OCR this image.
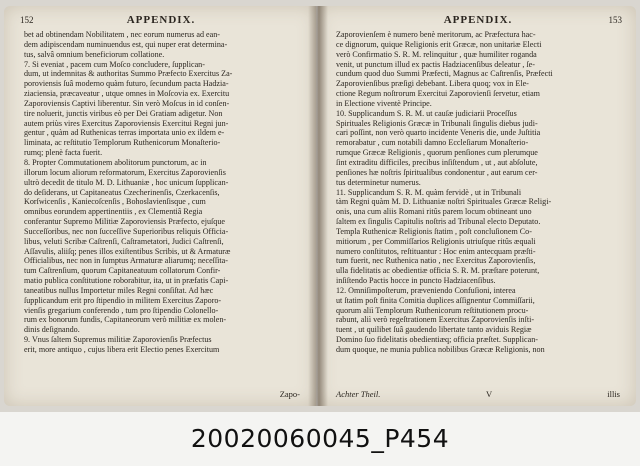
152	APPENDIX.
bet ad obtinendam Nobilitatem , nec eorum numerus ad ean-
dem adipiscendam numinuendus est, qui nuper erat determina-
tus, salvâ omnium beneficiorum collatione.
7. Si eveniat , pacem cum Moſco concludere, ſupplican-
dum, ut indemnitas & authoritas Summo Præfecto Exercitus Za-
poroviensis ſuâ moderno quàm futuro, ſecundum pacta Hadzia-
ziaciensia, præcaveatur , utque omnes in Moſcovia ex. Exercitu
Zaporoviensis Captivi liberentur. Sin verò Moſcus in id conſen-
tire noluerit, junctis viribus eò per Dei Gratiam adigetur. Non
autem priùs vires Exercitus Zaporoviensis Exercitui Regni jun-
gentur , quàm ad Ruthenicas terras importata unio ex ildem e-
liminata, ac reſtitutio Templorum Ruthenicorum Monaſterio-
rumq; plenè facta fuerit.
8. Propter Commutationem abolitorum punctorum, ac in
illorum locum aliorum reformatorum, Exercitus Zaporovienſis
ultrò decedit de titulo M. D. Lithuaniæ , hoc unicum ſupplican-
do deſiderans, ut Capitaneatus Czecherinenſis, Czerkacenſis,
Korſwicenſis , Kaniecoſcenſis , Bohoslavienſisque , cum
omnibus eorundem appertinentiis , ex Clementiâ Regia
conferantur Supremo Militiæ Zaporoviensis Præfecto, ejuſque
Succeſſoribus, nec non ſucceſſive Superioribus reliquis Officia-
libus, veluti Scribæ Caſtrenſi, Caſtrametatori, Judici Caſtrenſi,
Aſſavulis, aliiſq; penes illos exiſtentibus Scribis, ut & Armaturæ
Officialibus, nec non in ſumptus Armaturæ aliarumq; neceſſita-
tum Caſtrenſium, quorum Capitaneatuum collatorum Confir-
matio publica conſtitutione roborabitur, ita, ut in præfatis Capi-
taneatibus nullus Importetur miles Regni conſiſtat. Ad hæc
ſupplicandum erit pro ſtipendio in militem Exercitus Zaporo-
vienſis gregarium conferendo , tum pro ſtipendio Colonello-
rum ex bonorum fundis, Capitaneorum verò militiæ ex molen-
dinis deſignando.
9. Vnus ſaltem Supremus militiæ Zaporovienſis Præfectus
erit, more antiquo , cujus libera erit Electio penes Exercitum
Zapo-
APPENDIX.	153
Zaporovienſem è numero benè meritorum, ac Præfectura hac-
ce dignorum, quique Religionis erit Græcæ, non unitariæ Electi
verò Confirmatio S. R. M. relinquitur , quæ humiliter roganda
venit, ut punctum illud ex pactis Hadziacenſibus deleatur , ſe-
cundum quod duo Summi Præfecti, Magnus ac Caſtrenſis, Præfecti
Zaporovienſibus præſigi debebant. Libera quoq; vox in Ele-
ctione Regum noſtrorum Exercitui Zaporovienſi ſervetur, etiam
in Electione viventè Principe.
10. Supplicandum S. R. M. ut cauſæ judiciarii Proceſſus
Spirituales Religionis Græcæ in Tribunali ſingulis diebus judi-
cari poſſint, non verò quarto incidente Veneris die, unde Juſtitia
remorabatur , cum notabili damno Eccleſiarum Monaſterio-
rumque Græcæ Religionis , quorum penſiones cum plerumque
ſint extraditu difficiles, precibus inſiſtendum , ut , aut abſolute,
penſiones hæ noſtris ſpiritualibus condonentur , aut earum cer-
tus determinetur numerus.
11. Supplicandum S. R. M. quàm fervidè , ut in Tribunali
tàm Regni quàm M. D. Lithuaniæ noſtri Spirituales Græcæ Religi-
onis, una cum aliis Romani ritûs parem locum obtineant uno
ſaltem ex ſingulis Capitulis noſtris ad Tribunal electo Deputato.
Templa Ruthenicæ Religionis ſtatim , poſt concluſionem Co-
mitiorum , per Commiſſarios Religionis utriuſque ritûs æquali
numero conſtitutos, reſtituantur : Hoc enim antecquam præſti-
tum fuerit, nec Ruthenica natio , nec Exercitus Zaporovienſis,
ulla fidelitatis ac obedientiæ officia S. R. M. præſtare poterunt,
inſiſtendo Pactis hocce in puncto Hadziacenſibus.
12. Omniſimpoſterum, præveniendo Confuſioni, interea
ut ſtatim poſt finita Comitia duplices aſſignentur Commiſſarii,
quorum aliì Templorum Ruthenicorum reſtitutionem procu-
rabunt, aliì verò regeſtrationem Exercitus Zaporovienſis inſti-
tuent , ut quilibet ſuâ gaudendo libertate tanto aviduis Regiæ
Domino ſuo fidelitatis obedientiæq; officia præſtet. Supplican-
dum quoque, ne munia publica nobilibus Græcæ Religionis, non
Achter Theil.	V	illis
20020060045_P454
